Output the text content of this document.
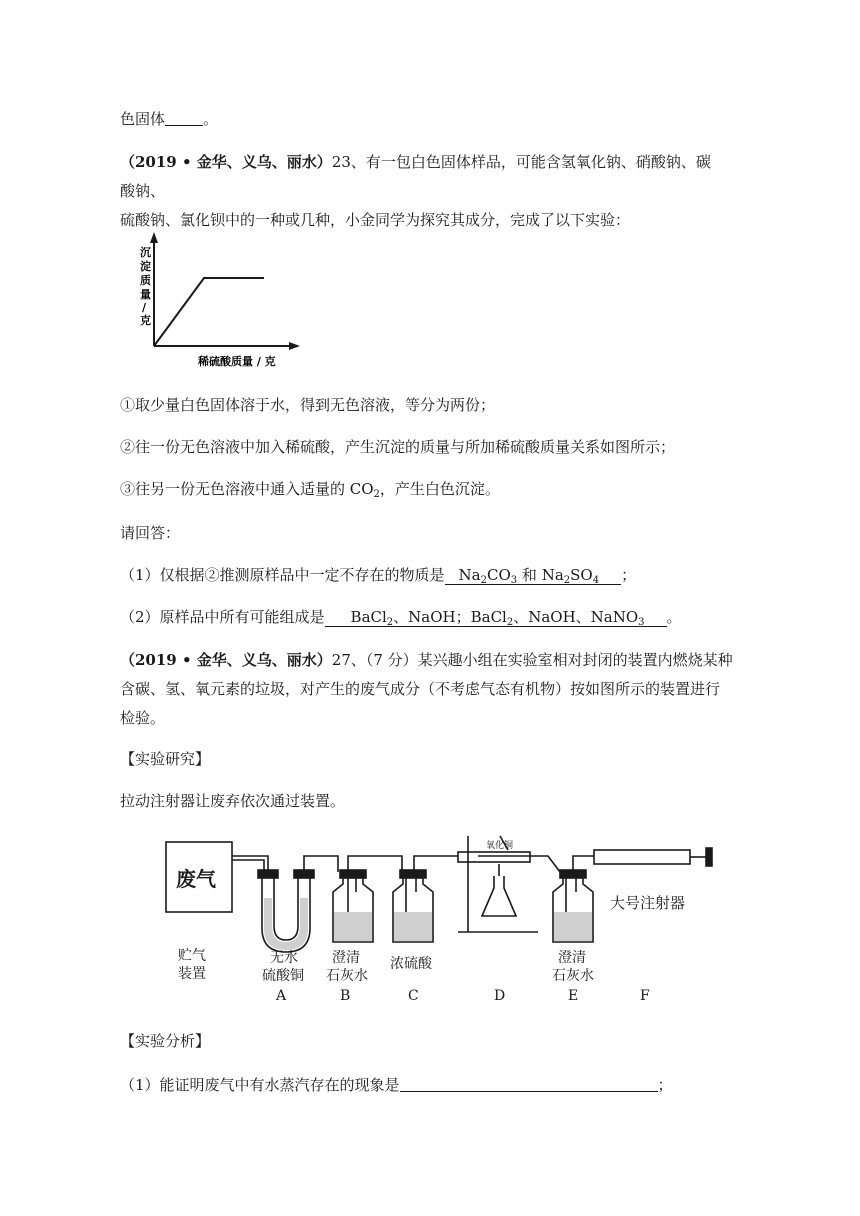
色固体	。
（2019 • 金华、义乌、丽水）23、有一包白色固体样品，可能含氢氧化钠、硝酸钠、碳酸钠、
硫酸钠、氯化钡中的一种或几种，小金同学为探究其成分，完成了以下实验：
沉
淀
质
量
/
克
稀硫酸质量 / 克
①取少量白色固体溶于水，得到无色溶液，等分为两份；
②往一份无色溶液中加入稀硫酸，产生沉淀的质量与所加稀硫酸质量关系如图所示；
③往另一份无色溶液中通入适量的 $CO_2$，产生白色沉淀。
请回答：
（1）仅根据②推测原样品中一定不存在的物质是 $Na_2CO_3$ 和 $Na_2SO_4$ ；
（2）原样品中所有可能组成是 BaCl$_2$、NaOH；BaCl$_2$、NaOH、NaNO$_3$ 。
（2019 • 金华、义乌、丽水）27、（7 分）某兴趣小组在实验室相对封闭的装置内燃烧某种
含碳、氢、氧元素的垃圾，对产生的废气成分（不考虑气态有机物）按如图所示的装置进行
检验。
【实验研究】
拉动注射器让废弃依次通过装置。
废气
氧化铜
大号注射器
贮气
装置
无水
硫酸铜
澄清
石灰水
浓硫酸	澄清
石灰水
A	B	C	D	E	F
【实验分析】
（1）能证明废气中有水蒸汽存在的现象是	；
